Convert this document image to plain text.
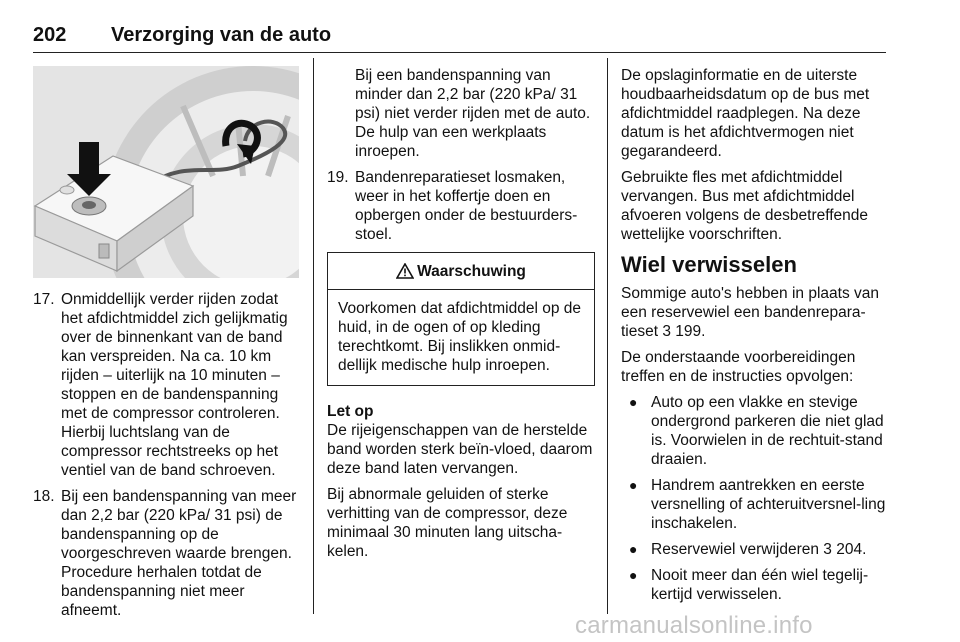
202	Verzorging van de auto
17. Onmiddellijk verder rijden zodat het afdichtmiddel zich gelijkmatig over de binnenkant van de band kan verspreiden. Na ca. 10 km rijden – uiterlijk na 10 minuten – stoppen en de bandenspanning met de compressor controleren. Hierbij luchtslang van de compressor rechtstreeks op het ventiel van de band schroeven.
18. Bij een bandenspanning van meer dan 2,2 bar (220 kPa/ 31 psi) de bandenspanning op de voorgeschreven waarde brengen. Procedure herhalen totdat de bandenspanning niet meer afneemt.

Bij een bandenspanning van minder dan 2,2 bar (220 kPa/ 31 psi) niet verder rijden met de auto. De hulp van een werkplaats inroepen.

19. Bandenreparatieset losmaken, weer in het koffertje doen en opbergen onder de bestuurders-stoel.
Waarschuwing
Voorkomen dat afdichtmiddel op de huid, in de ogen of op kleding terechtkomt. Bij inslikken onmid-dellijk medische hulp inroepen.

Let op

De rijeigenschappen van de herstelde band worden sterk beïn-vloed, daarom deze band laten vervangen.

Bij abnormale geluiden of sterke verhitting van de compressor, deze minimaal 30 minuten lang uitscha-kelen.

De opslaginformatie en de uiterste houdbaarheidsdatum op de bus met afdichtmiddel raadplegen. Na deze datum is het afdichtvermogen niet gegarandeerd.

Gebruikte fles met afdichtmiddel vervangen. Bus met afdichtmiddel afvoeren volgens de desbetreffende wettelijke voorschriften.

Wiel verwisselen

Sommige auto's hebben in plaats van een reservewiel een bandenrepara-tieset 3 199.

De onderstaande voorbereidingen treffen en de instructies opvolgen:

● Auto op een vlakke en stevige ondergrond parkeren die niet glad is. Voorwielen in de rechtuit-stand draaien.
● Handrem aantrekken en eerste versnelling of achteruitversnel-ling inschakelen.
● Reservewiel verwijderen 3 204.
● Nooit meer dan één wiel tegelij-kertijd verwisselen.
carmanualsonline.info
